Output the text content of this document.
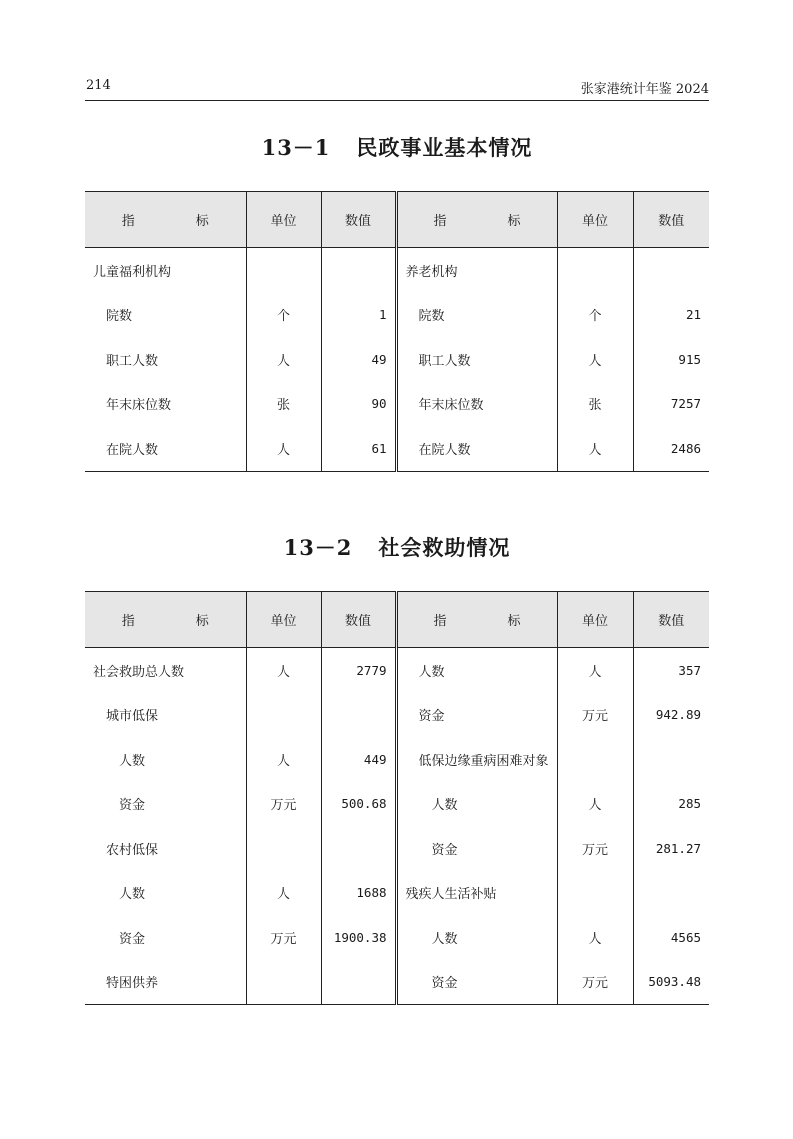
214	张家港统计年鉴 2024
13－1 民政事业基本情况
指　标	单位	数值	指　标	单位	数值
儿童福利机构			养老机构		
院数	个	1	院数	个	21
职工人数	人	49	职工人数	人	915
年末床位数	张	90	年末床位数	张	7257
在院人数	人	61	在院人数	人	2486
13－2 社会救助情况
指　标	单位	数值	指　标	单位	数值
社会救助总人数	人	2779	人数	人	357
城市低保			资金	万元	942.89
人数	人	449	低保边缘重病困难对象		
资金	万元	500.68	人数	人	285
农村低保			资金	万元	281.27
人数	人	1688	残疾人生活补贴		
资金	万元	1900.38	人数	人	4565
特困供养			资金	万元	5093.48
